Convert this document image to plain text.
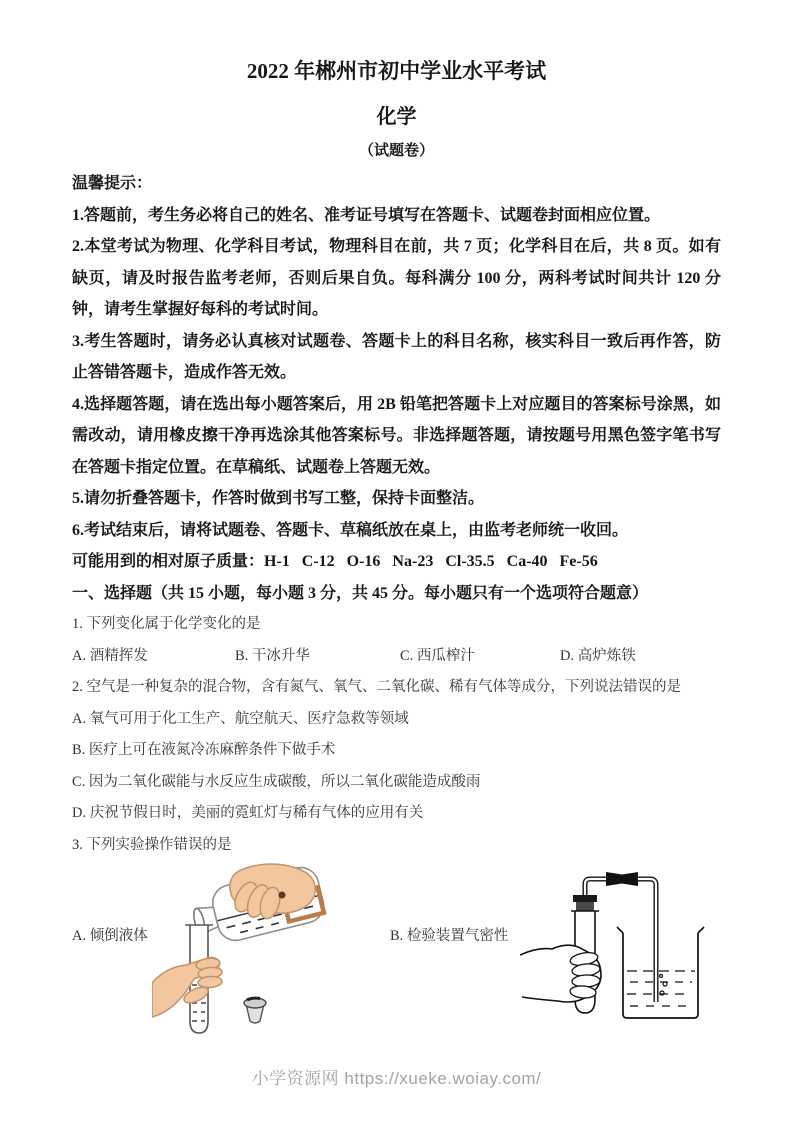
2022 年郴州市初中学业水平考试
化学
（试题卷）

温馨提示：

1.答题前，考生务必将自己的姓名、准考证号填写在答题卡、试题卷封面相应位置。

2.本堂考试为物理、化学科目考试，物理科目在前，共 7 页；化学科目在后，共 8 页。如有缺页，请及时报告监考老师，否则后果自负。每科满分 100 分，两科考试时间共计 120 分钟，请考生掌握好每科的考试时间。

3.考生答题时，请务必认真核对试题卷、答题卡上的科目名称，核实科目一致后再作答，防止答错答题卡，造成作答无效。

4.选择题答题，请在选出每小题答案后，用 2B 铅笔把答题卡上对应题目的答案标号涂黑，如需改动，请用橡皮擦干净再选涂其他答案标号。非选择题答题，请按题号用黑色签字笔书写在答题卡指定位置。在草稿纸、试题卷上答题无效。

5.请勿折叠答题卡，作答时做到书写工整，保持卡面整洁。

6.考试结束后，请将试题卷、答题卡、草稿纸放在桌上，由监考老师统一收回。

可能用到的相对原子质量：H-1   C-12   O-16   Na-23   Cl-35.5   Ca-40   Fe-56

一、选择题（共 15 小题，每小题 3 分，共 45 分。每小题只有一个选项符合题意）

1. 下列变化属于化学变化的是

A. 酒精挥发	B. 干冰升华	C. 西瓜榨汁	D. 高炉炼铁

2. 空气是一种复杂的混合物，含有氮气、氧气、二氧化碳、稀有气体等成分，下列说法错误的是

A. 氧气可用于化工生产、航空航天、医疗急救等领域

B. 医疗上可在液氮冷冻麻醉条件下做手术

C. 因为二氧化碳能与水反应生成碳酸，所以二氧化碳能造成酸雨

D. 庆祝节假日时，美丽的霓虹灯与稀有气体的应用有关

3. 下列实验操作错误的是

A. 倾倒液体	B. 检验装置气密性
小学资源网 https://xueke.woiay.com/
